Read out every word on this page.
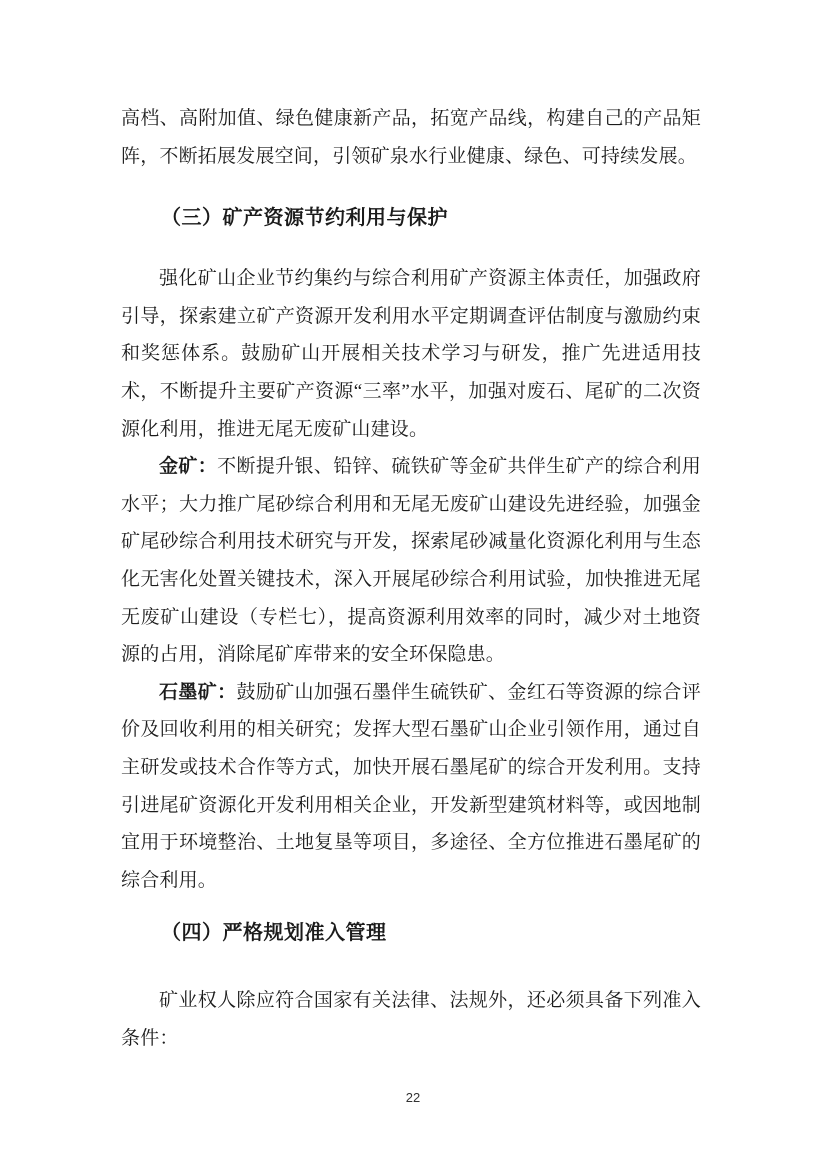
高档、高附加值、绿色健康新产品，拓宽产品线，构建自己的产品矩阵，不断拓展发展空间，引领矿泉水行业健康、绿色、可持续发展。

（三）矿产资源节约利用与保护

强化矿山企业节约集约与综合利用矿产资源主体责任，加强政府引导，探索建立矿产资源开发利用水平定期调查评估制度与激励约束和奖惩体系。鼓励矿山开展相关技术学习与研发，推广先进适用技术，不断提升主要矿产资源“三率”水平，加强对废石、尾矿的二次资源化利用，推进无尾无废矿山建设。

金矿：不断提升银、铅锌、硫铁矿等金矿共伴生矿产的综合利用水平；大力推广尾砂综合利用和无尾无废矿山建设先进经验，加强金矿尾砂综合利用技术研究与开发，探索尾砂减量化资源化利用与生态化无害化处置关键技术，深入开展尾砂综合利用试验，加快推进无尾无废矿山建设（专栏七），提高资源利用效率的同时，减少对土地资源的占用，消除尾矿库带来的安全环保隐患。

石墨矿：鼓励矿山加强石墨伴生硫铁矿、金红石等资源的综合评价及回收利用的相关研究；发挥大型石墨矿山企业引领作用，通过自主研发或技术合作等方式，加快开展石墨尾矿的综合开发利用。支持引进尾矿资源化开发利用相关企业，开发新型建筑材料等，或因地制宜用于环境整治、土地复垦等项目，多途径、全方位推进石墨尾矿的综合利用。

（四）严格规划准入管理

矿业权人除应符合国家有关法律、法规外，还必须具备下列准入条件：

22
